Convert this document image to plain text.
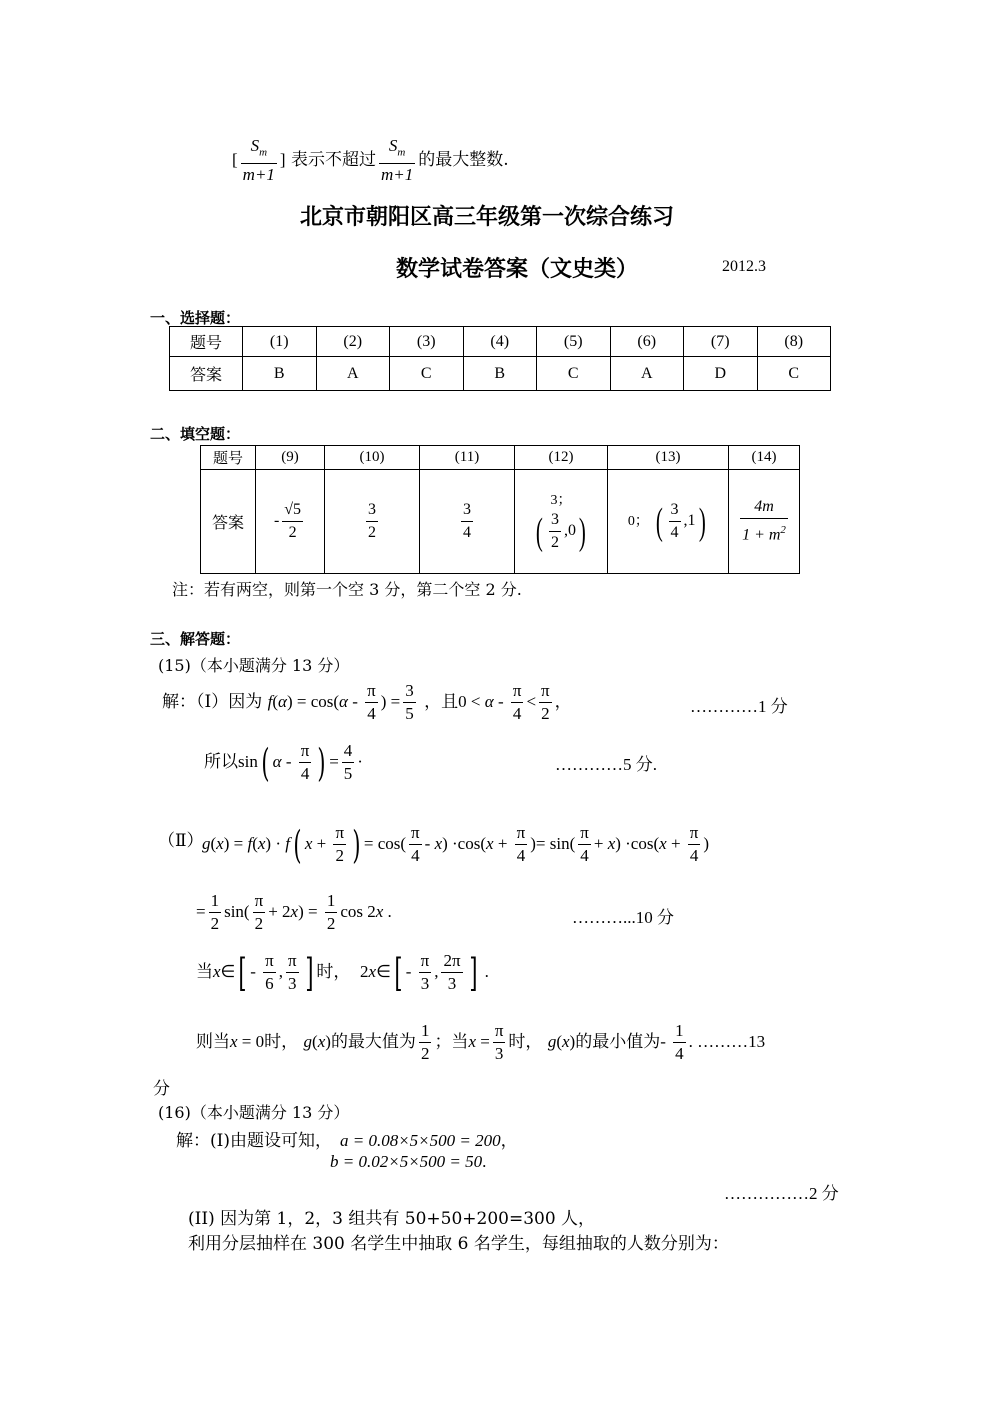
[ $\frac{S_m}{m+1}$ ] 表示不超过 $\frac{S_m}{m+1}$ 的最大整数.
北京市朝阳区高三年级第一次综合练习
数学试卷答案（文史类）	2012.3
一、选择题：
题号	(1)	(2)	(3)	(4)	(5)	(6)	(7)	(8)
答案	B	A	C	B	C	A	D	C
二、填空题：
题号	(9)	(10)	(11)	(12)	(13)	(14)
答案	- $\frac{√5}{2}$	$\frac{3}{2}$	$\frac{3}{4}$	3；
( $\frac{3}{2} ,0$)	0； ( $\frac{3}{4} ,1$)	$\frac{4m}{1 + m^2}$
注：若有两空，则第一个空 3 分，第二个空 2 分.
三、解答题：
(15)（本小题满分 13 分）
解：（Ⅰ）因为 $f(\alpha) = \cos(\alpha - \frac{\pi}{4}$ ) = $\frac{3}{5}$ ，且$0 < \alpha - \frac{\pi}{4} < \frac{\pi}{2}$ ，	…………1 分
所以sin( α - $\frac{\pi}{4}$ ) = $\frac{4}{5}$ ·	…………5 分.
（Ⅱ）
g(x) = f(x) · f( $x + \frac{\pi}{2}$ ) = $\cos( \frac{\pi}{4} - x) \cdot\cos(x + \frac{\pi}{4}$ )= $\sin( \frac{\pi}{4} + x) \cdot\cos(x + \frac{\pi}{4}$ )
= $\frac{1}{2} \sin( \frac{\pi}{2} + 2x) = \frac{1}{2}$ cos 2x .	………...10 分
当x∈[ - $\frac{\pi}{6}$ , $\frac{\pi}{3}$ ] 时，  2x∈[ - $\frac{\pi}{3}$ , $\frac{2\pi}{3}$ ] .
则当x = 0时， g(x)的最大值为 $\frac{1}{2}$ ；当$x = \frac{\pi}{3}$ 时， g(x)的最小值为- $\frac{1}{4}$ . ………13
分
(16)（本小题满分 13 分）
解：(I)由题设可知， a = 0.08×5×500 = 200，
b = 0.02×5×500 = 50.
……………2 分
(II) 因为第 1，2，3 组共有 50+50+200=300 人，
利用分层抽样在 300 名学生中抽取 6 名学生，每组抽取的人数分别为：
